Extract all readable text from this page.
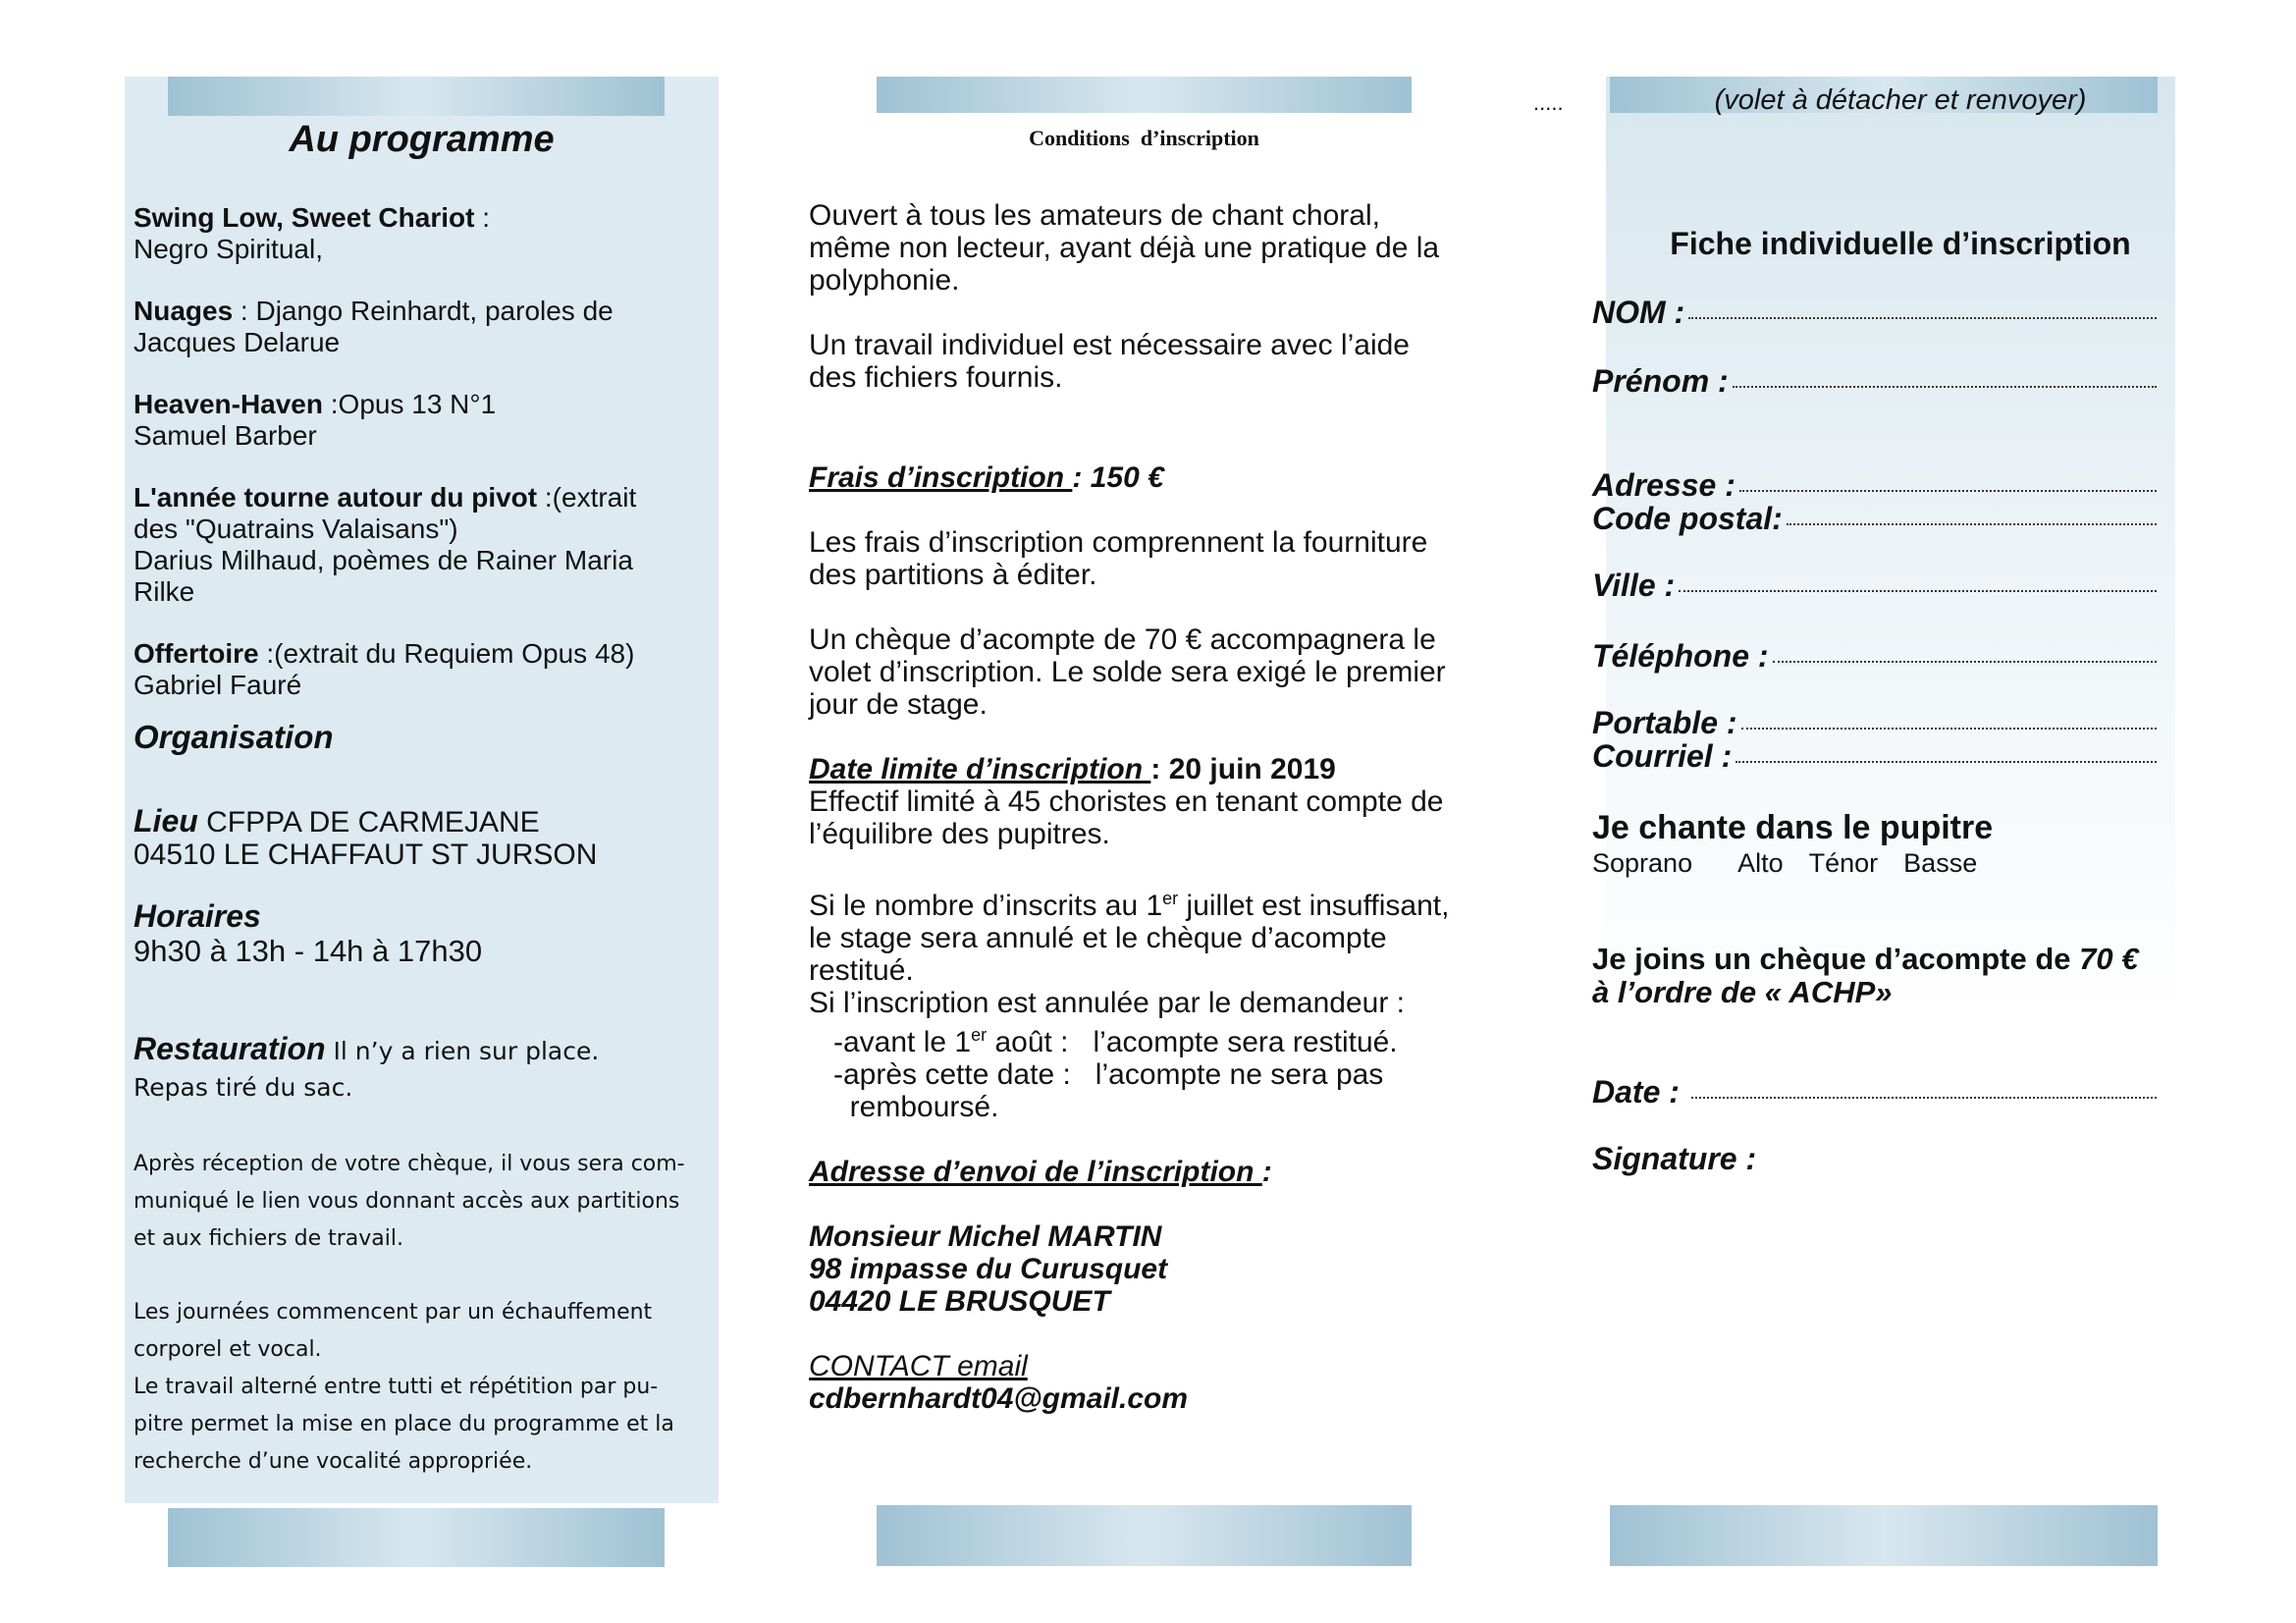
Au programme

Swing Low, Sweet Chariot :

Negro Spiritual,

Nuages : Django Reinhardt, paroles de

Jacques Delarue

Heaven-Haven :Opus 13 N°1

Samuel Barber

L'année tourne autour du pivot :(extrait

des "Quatrains Valaisans")

Darius Milhaud, poèmes de Rainer Maria

Rilke

Offertoire :(extrait du Requiem Opus 48)

Gabriel Fauré

Organisation

Lieu CFPPA DE CARMEJANE

04510 LE CHAFFAUT ST JURSON

Horaires

9h30 à 13h - 14h à 17h30

Restauration Il n’y a rien sur place.

Repas tiré du sac.

Après réception de votre chèque, il vous sera com-

muniqué le lien vous donnant accès aux partitions

et aux fichiers de travail.

Les journées commencent par un échauffement

corporel et vocal.

Le travail alterné entre tutti et répétition par pu-

pitre permet la mise en place du programme et la

recherche d’une vocalité appropriée.

Conditions d’inscription

Ouvert à tous les amateurs de chant choral,

même non lecteur, ayant déjà une pratique de la

polyphonie.

Un travail individuel est nécessaire avec l’aide

des fichiers fournis.

Frais d’inscription : 150 €

Les frais d’inscription comprennent la fourniture

des partitions à éditer.

Un chèque d’acompte de 70 € accompagnera le

volet d’inscription. Le solde sera exigé le premier

jour de stage.

Date limite d’inscription : 20 juin 2019

Effectif limité à 45 choristes en tenant compte de

l’équilibre des pupitres.

Si le nombre d’inscrits au 1er juillet est insuffisant,

le stage sera annulé et le chèque d’acompte

restitué.

Si l’inscription est annulée par le demandeur :

-avant le 1er août :   l’acompte sera restitué.

-après cette date :   l’acompte ne sera pas

remboursé.

Adresse d’envoi de l’inscription :

Monsieur Michel MARTIN

98 impasse du Curusquet

04420 LE BRUSQUET

CONTACT email

cdbernhardt04@gmail.com

.....	(volet à détacher et renvoyer)
Fiche individuelle d’inscription
NOM :
Prénom :
Adresse :
Code postal:
Ville :
Téléphone :
Portable :
Courriel :
Je chante dans le pupitre
Soprano Alto Ténor Basse

Je joins un chèque d’acompte de 70 €

à l’ordre de « ACHP»

Date :
Signature :
